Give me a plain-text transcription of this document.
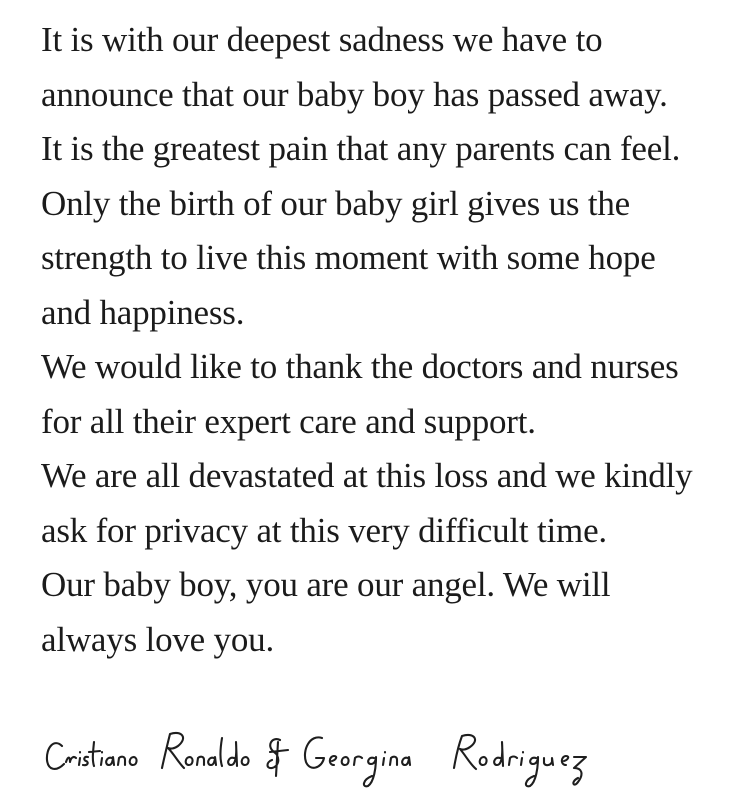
It is with our deepest sadness we have to
announce that our baby boy has passed away.
It is the greatest pain that any parents can feel.
Only the birth of our baby girl gives us the
strength to live this moment with some hope
and happiness.
We would like to thank the doctors and nurses
for all their expert care and support.
We are all devastated at this loss and we kindly
ask for privacy at this very difficult time.
Our baby boy, you are our angel. We will
always love you.
